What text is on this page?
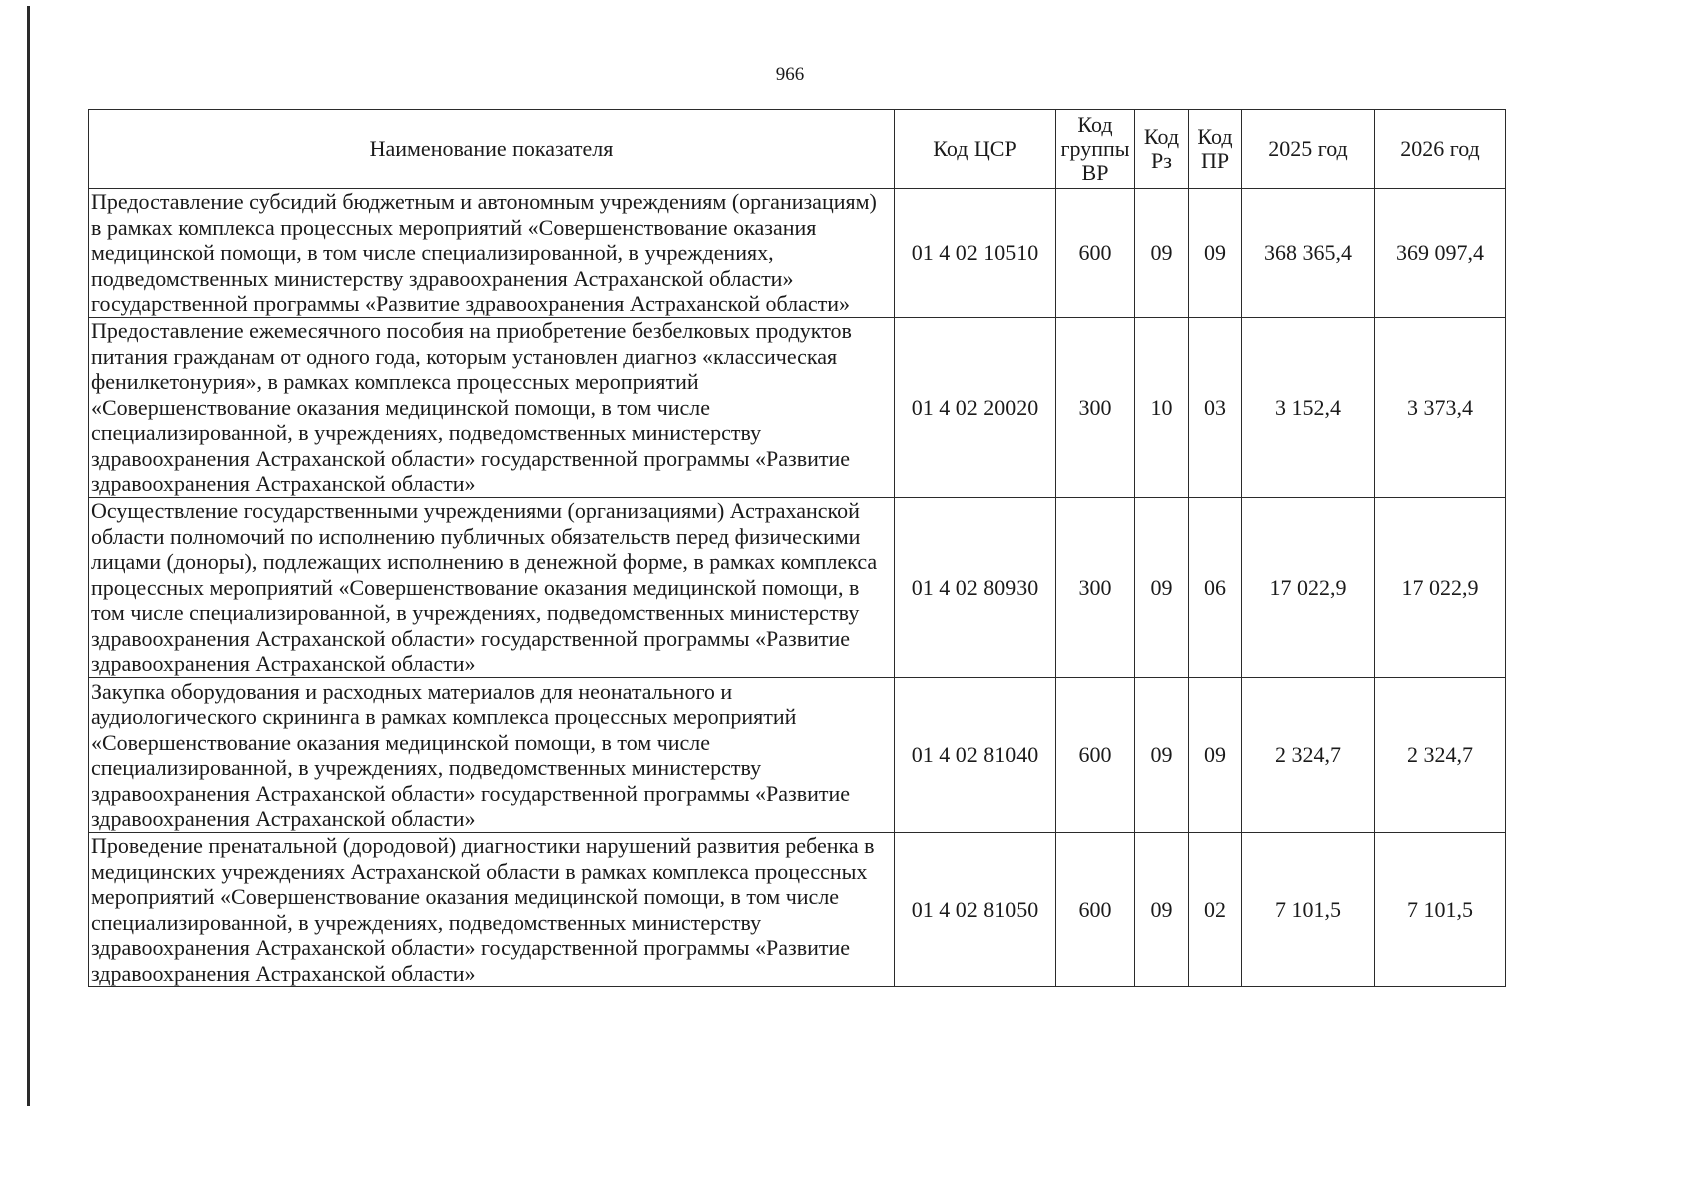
966
Наименование показателя	Код ЦСР	Код группы ВР	Код Рз	Код ПР	2025 год	2026 год
Предоставление субсидий бюджетным и автономным учреждениям (организациям) в рамках комплекса процессных мероприятий «Совершенствование оказания медицинской помощи, в том числе специализированной, в учреждениях, подведомственных министерству здравоохранения Астраханской области» государственной программы «Развитие здравоохранения Астраханской области»	01 4 02 10510	600	09	09	368 365,4	369 097,4
Предоставление ежемесячного пособия на приобретение безбелковых продуктов питания гражданам от одного года, которым установлен диагноз «классическая фенилкетонурия», в рамках комплекса процессных мероприятий «Совершенствование оказания медицинской помощи, в том числе специализированной, в учреждениях, подведомственных министерству здравоохранения Астраханской области» государственной программы «Развитие здравоохранения Астраханской области»	01 4 02 20020	300	10	03	3 152,4	3 373,4
Осуществление государственными учреждениями (организациями) Астраханской области полномочий по исполнению публичных обязательств перед физическими лицами (доноры), подлежащих исполнению в денежной форме, в рамках комплекса процессных мероприятий «Совершенствование оказания медицинской помощи, в том числе специализированной, в учреждениях, подведомственных министерству здравоохранения Астраханской области» государственной программы «Развитие здравоохранения Астраханской области»	01 4 02 80930	300	09	06	17 022,9	17 022,9
Закупка оборудования и расходных материалов для неонатального и аудиологического скрининга в рамках комплекса процессных мероприятий «Совершенствование оказания медицинской помощи, в том числе специализированной, в учреждениях, подведомственных министерству здравоохранения Астраханской области» государственной программы «Развитие здравоохранения Астраханской области»	01 4 02 81040	600	09	09	2 324,7	2 324,7
Проведение пренатальной (дородовой) диагностики нарушений развития ребенка в медицинских учреждениях Астраханской области в рамках комплекса процессных мероприятий «Совершенствование оказания медицинской помощи, в том числе специализированной, в учреждениях, подведомственных министерству здравоохранения Астраханской области» государственной программы «Развитие здравоохранения Астраханской области»	01 4 02 81050	600	09	02	7 101,5	7 101,5
